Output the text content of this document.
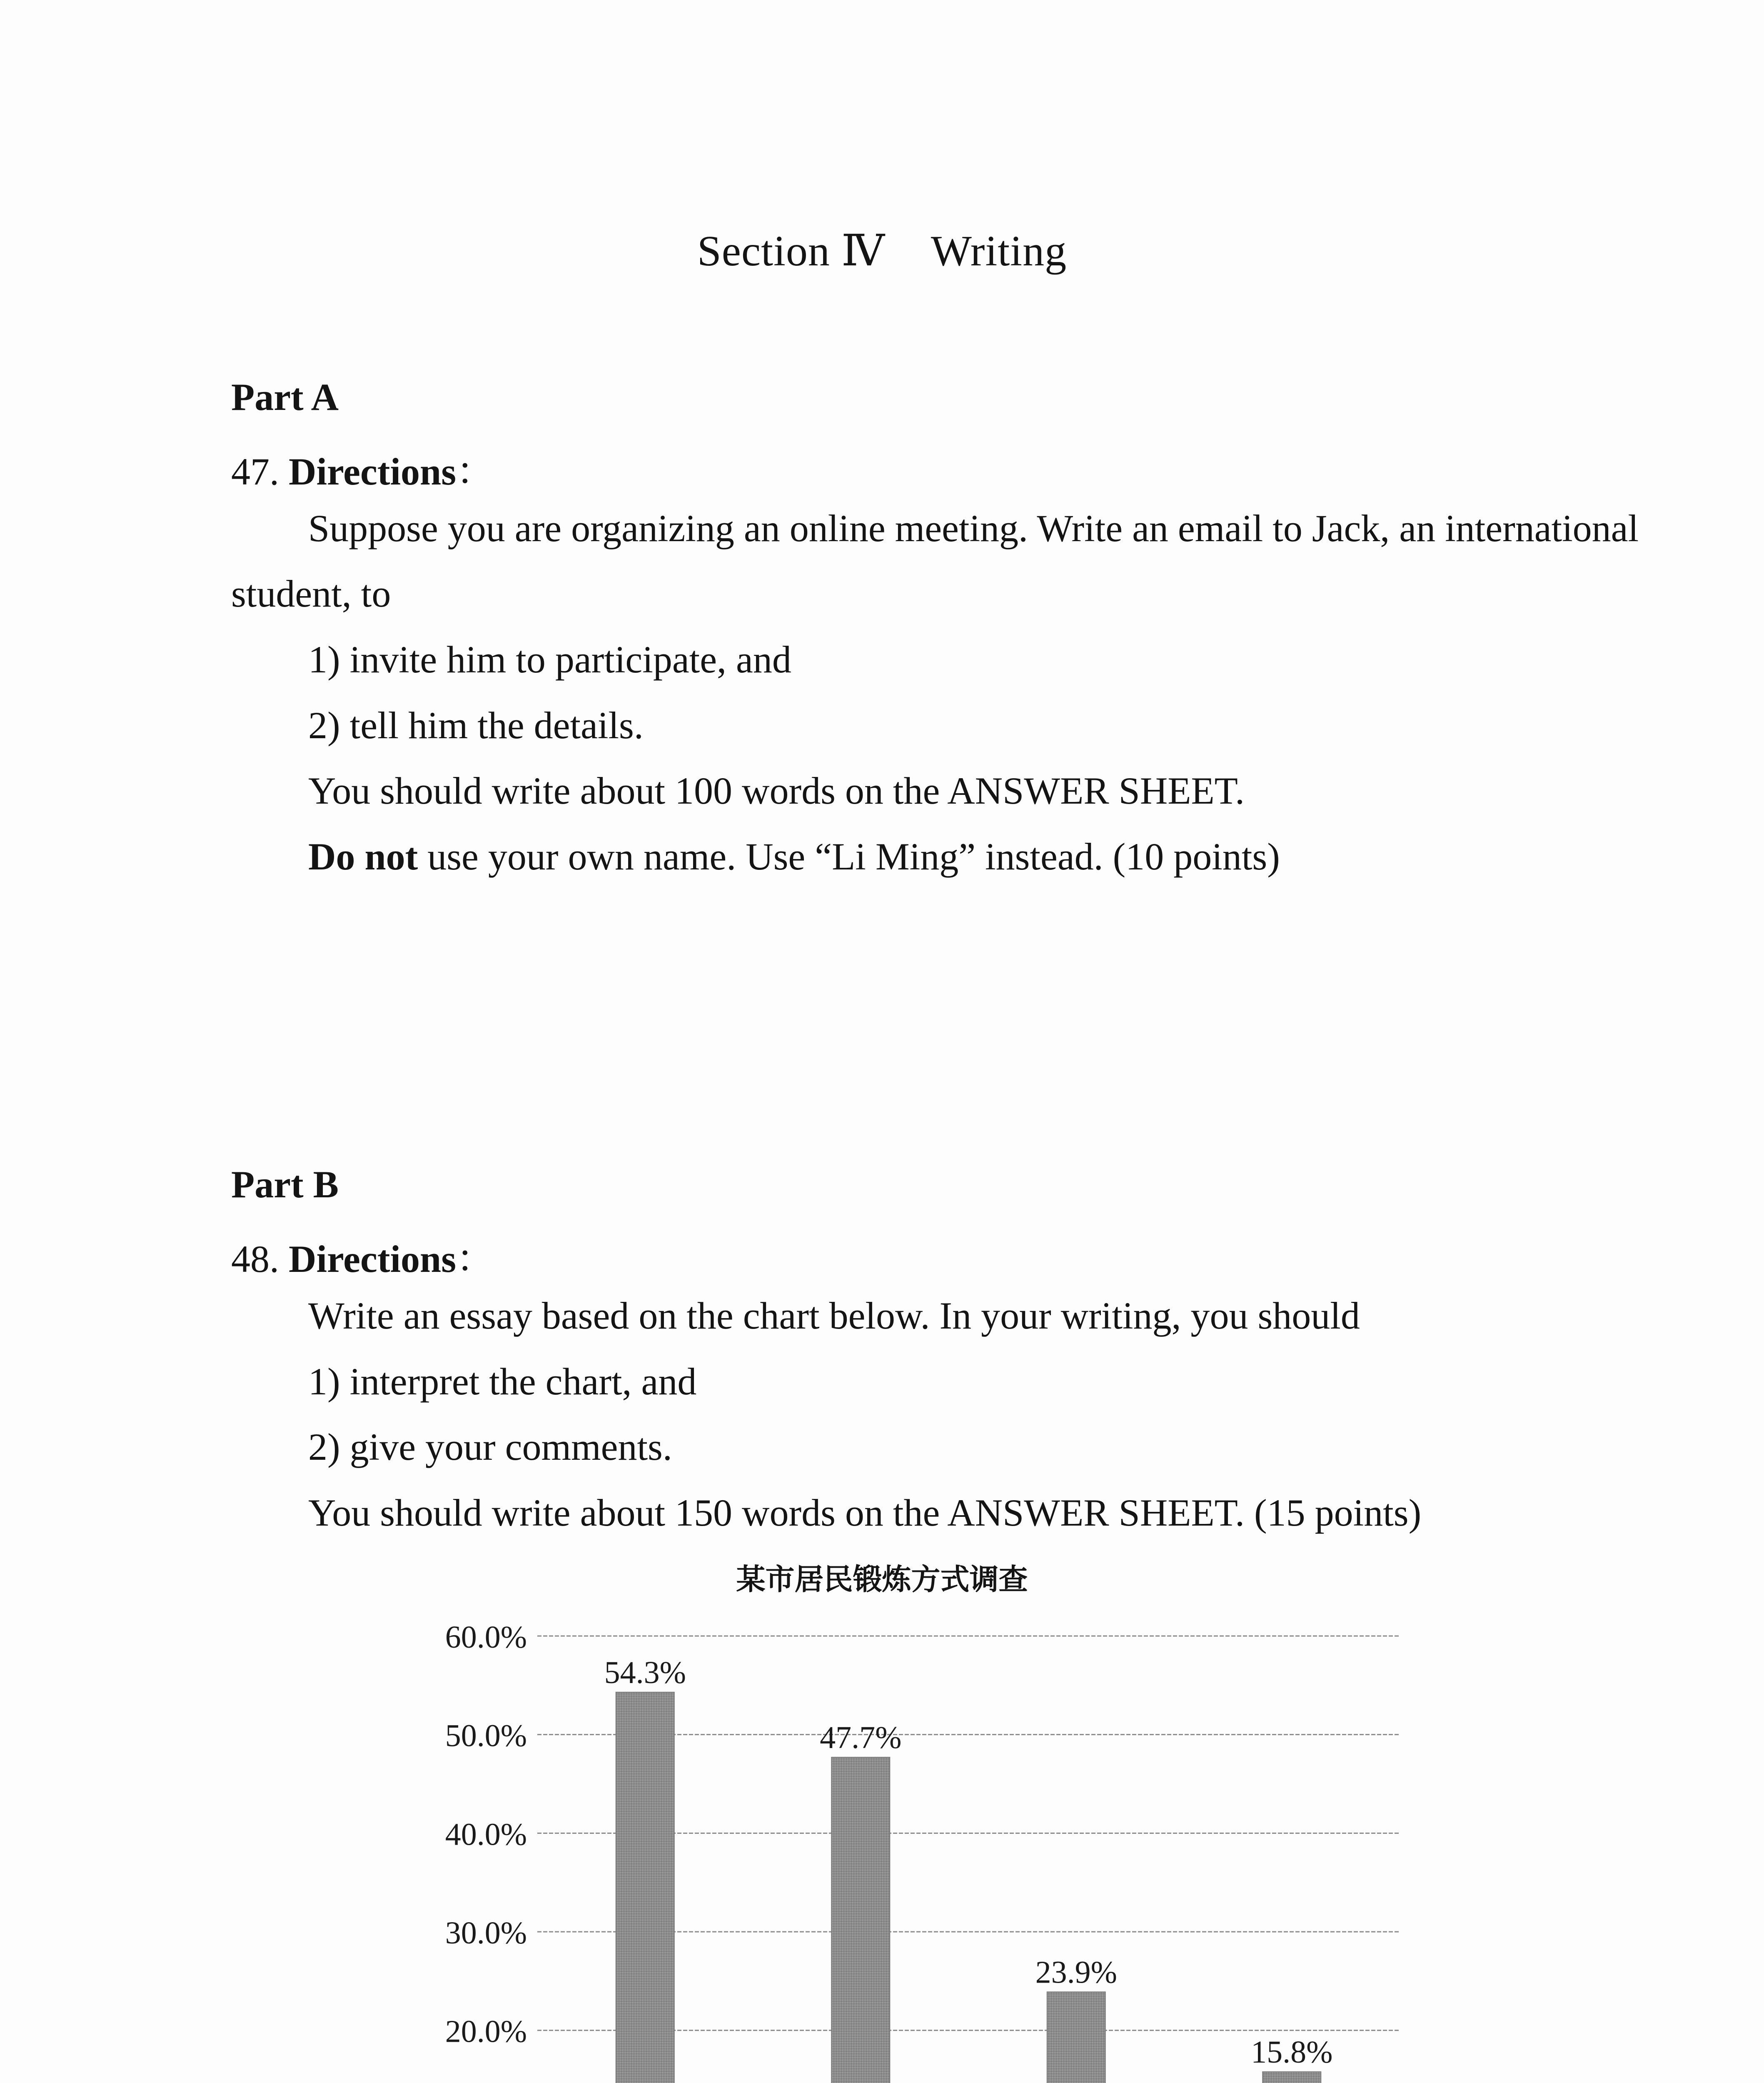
Section Ⅳ Writing
Part A
47. Directions：
Suppose you are organizing an online meeting. Write an email to Jack, an international
student, to
1) invite him to participate, and
2) tell him the details.
You should write about 100 words on the ANSWER SHEET.
Do not use your own name. Use “Li Ming” instead. (10 points)
Part B
48. Directions：
Write an essay based on the chart below. In your writing, you should
1) interpret the chart, and
2) give your comments.
You should write about 150 words on the ANSWER SHEET. (15 points)
某市居民锻炼方式调查
20.0%
30.0%
40.0%
50.0%
60.0%
54.3%
47.7%
23.9%
15.8%
